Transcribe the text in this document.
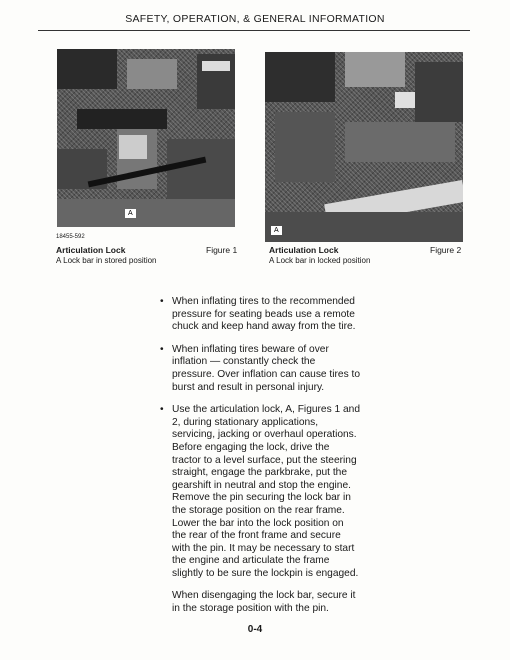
SAFETY, OPERATION, & GENERAL INFORMATION
A
18455-592
A
Articulation Lock
A Lock bar in stored position
Figure 1	Articulation Lock
A Lock bar in locked position
Figure 2
• When inflating tires to the recommended pressure for seating beads use a remote chuck and keep hand away from the tire.
• When inflating tires beware of over inflation — constantly check the pressure. Over inflation can cause tires to burst and result in personal injury.
• Use the articulation lock, A, Figures 1 and 2, during stationary applications, servicing, jacking or overhaul operations. Before engaging the lock, drive the tractor to a level surface, put the steering straight, engage the parkbrake, put the gearshift in neutral and stop the engine. Remove the pin securing the lock bar in the storage position on the rear frame. Lower the bar into the lock position on the rear of the front frame and secure with the pin. It may be necessary to start the engine and articulate the frame slightly to be sure the lockpin is engaged.

When disengaging the lock bar, secure it in the storage position with the pin.

0-4
